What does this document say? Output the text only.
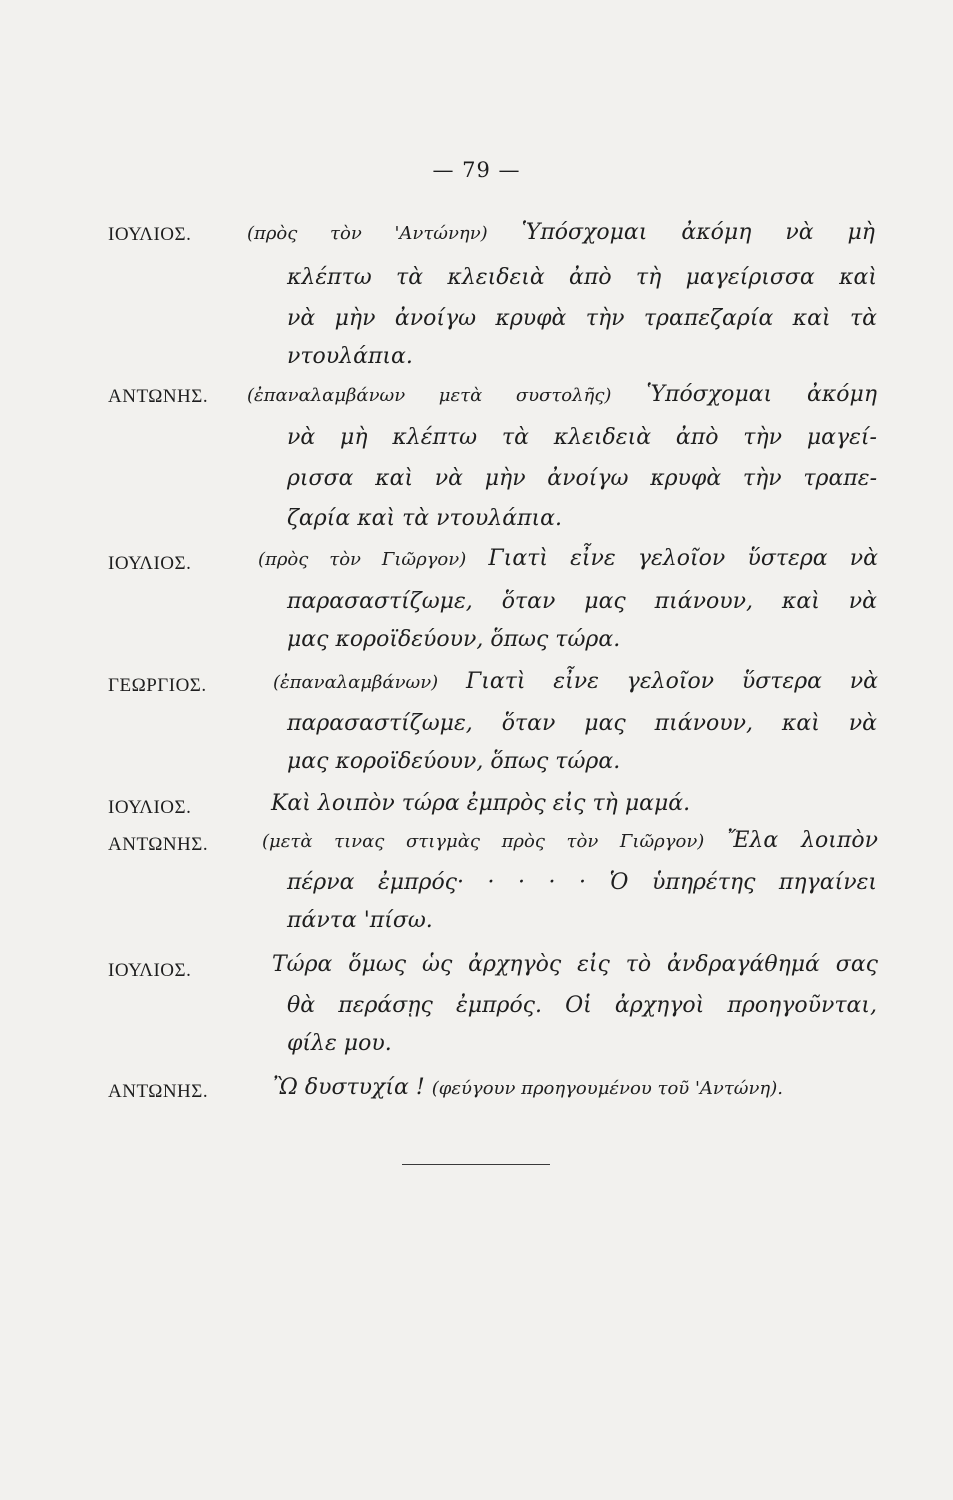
— 79 —
ΙΟΥΛΙΟΣ.	(πρὸς τὸν 'Αντώνην) Ὑπόσχομαι ἀκόμη νὰ μὴ
κλέπτω τὰ κλειδειὰ ἀπὸ τὴ μαγείρισσα καὶ
νὰ μὴν ἀνοίγω κρυφὰ τὴν τραπεζαρία καὶ τὰ
ντουλάπια.
ΑΝΤΩΝΗΣ. (ἐπαναλαμβάνων μετὰ συστολῆς) Ὑπόσχομαι ἀκόμη
νὰ μὴ κλέπτω τὰ κλειδειὰ ἀπὸ τὴν μαγεί-
ρισσα καὶ νὰ μὴν ἀνοίγω κρυφὰ τὴν τραπε-
ζαρία καὶ τὰ ντουλάπια.
ΙΟΥΛΙΟΣ.	(πρὸς τὸν Γιῶργον) Γιατὶ εἶνε γελοῖον ὕστερα νὰ
παρασαστίζωμε, ὅταν μας πιάνουν, καὶ νὰ
μας κοροϊδεύουν, ὅπως τώρα.
ΓΕΩΡΓΙΟΣ.	(ἐπαναλαμβάνων) Γιατὶ εἶνε γελοῖον ὕστερα νὰ
παρασαστίζωμε, ὅταν μας πιάνουν, καὶ νὰ
μας κοροϊδεύουν, ὅπως τώρα.
ΙΟΥΛΙΟΣ.	Καὶ λοιπὸν τώρα ἐμπρὸς εἰς τὴ μαμά.
ΑΝΤΩΝΗΣ.	(μετὰ τινας στιγμὰς πρὸς τὸν Γιῶργον) Ἔλα λοιπὸν
πέρνα ἐμπρός· · · · · Ὁ ὑπηρέτης πηγαίνει
πάντα 'πίσω.
ΙΟΥΛΙΟΣ.	Τώρα ὅμως ὡς ἀρχηγὸς εἰς τὸ ἀνδραγάθημά σας
θὰ περάσῃς ἐμπρός. Οἱ ἀρχηγοὶ προηγοῦνται,
φίλε μου.
ΑΝΤΩΝΗΣ.	Ὢ δυστυχία ! (φεύγουν προηγουμένου τοῦ 'Αντώνη).
